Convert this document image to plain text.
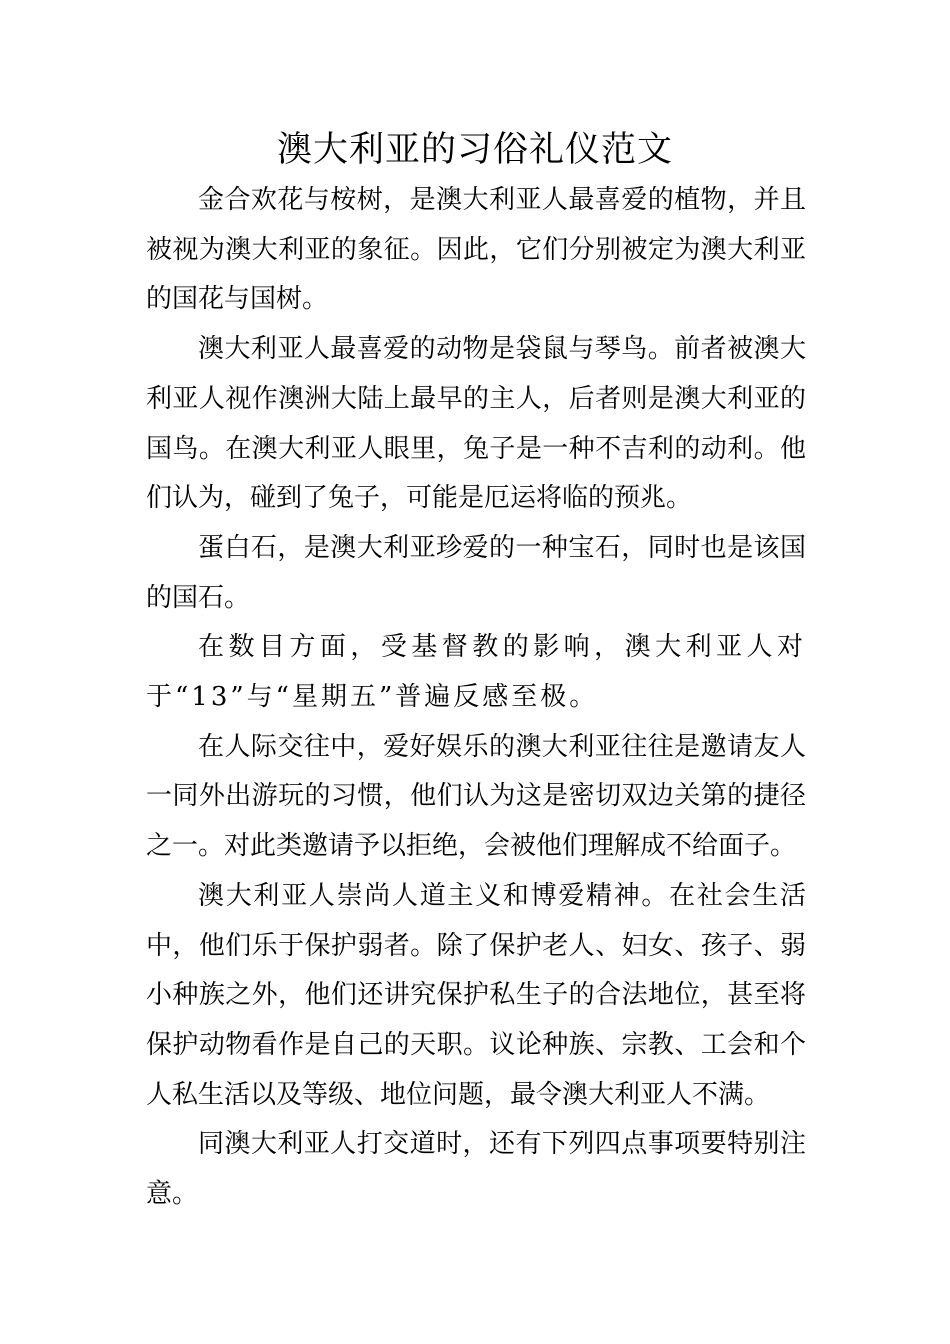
澳大利亚的习俗礼仪范文

金合欢花与桉树，是澳大利亚人最喜爱的植物，并且被视为澳大利亚的象征。因此，它们分别被定为澳大利亚的国花与国树。

澳大利亚人最喜爱的动物是袋鼠与琴鸟。前者被澳大利亚人视作澳洲大陆上最早的主人，后者则是澳大利亚的国鸟。在澳大利亚人眼里，兔子是一种不吉利的动利。他们认为，碰到了兔子，可能是厄运将临的预兆。

蛋白石，是澳大利亚珍爱的一种宝石，同时也是该国的国石。

在数目方面，受基督教的影响，澳大利亚人对于“13”与“星期五”普遍反感至极。

在人际交往中，爱好娱乐的澳大利亚往往是邀请友人一同外出游玩的习惯，他们认为这是密切双边关第的捷径之一。对此类邀请予以拒绝，会被他们理解成不给面子。

澳大利亚人崇尚人道主义和博爱精神。在社会生活中，他们乐于保护弱者。除了保护老人、妇女、孩子、弱小种族之外，他们还讲究保护私生子的合法地位，甚至将保护动物看作是自己的天职。议论种族、宗教、工会和个人私生活以及等级、地位问题，最令澳大利亚人不满。

同澳大利亚人打交道时，还有下列四点事项要特别注意。
